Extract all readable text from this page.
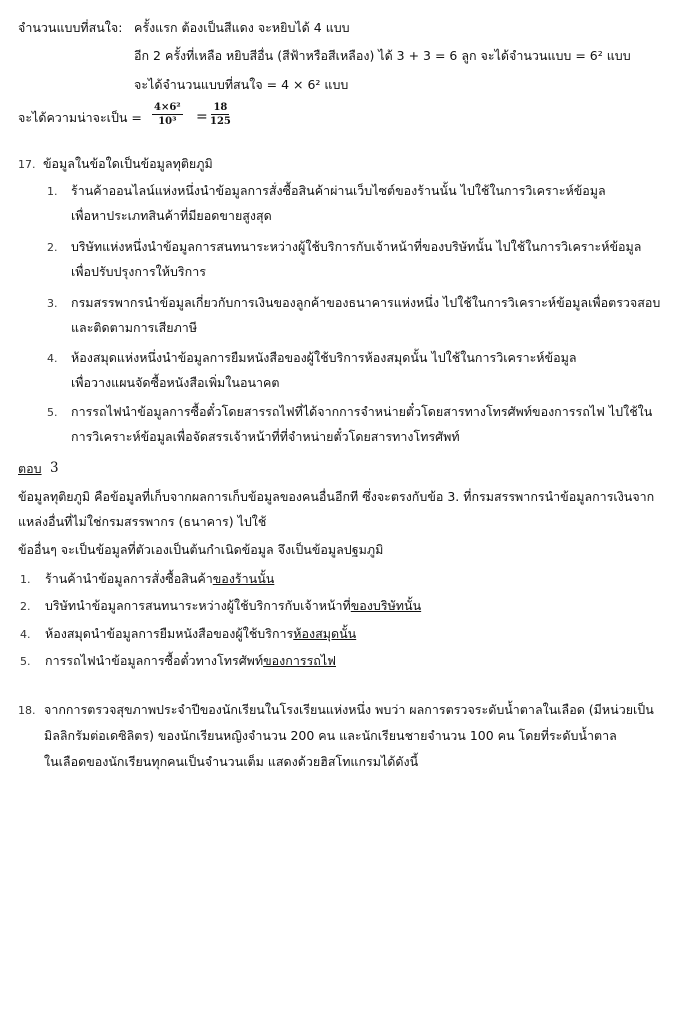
จำนวนแบบที่สนใจ: ครั้งแรก ต้องเป็นสีแดง จะหยิบได้ 4 แบบ
อีก 2 ครั้งที่เหลือ หยิบสีอื่น (สีฟ้าหรือสีเหลือง) ได้ 3 + 3 = 6 ลูก จะได้จำนวนแบบ = 6² แบบ
จะได้จำนวนแบบที่สนใจ = 4 × 6² แบบ
จะได้ความน่าจะเป็น = $\frac{\text{4×6²}}{\text{10³}} = \frac{18}{125}$
17. ข้อมูลในข้อใดเป็นข้อมูลทุติยภูมิ
1. ร้านค้าออนไลน์แห่งหนึ่งนำข้อมูลการสั่งซื้อสินค้าผ่านเว็บไซต์ของร้านนั้น ไปใช้ในการวิเคราะห์ข้อมูล
เพื่อหาประเภทสินค้าที่มียอดขายสูงสุด
2. บริษัทแห่งหนึ่งนำข้อมูลการสนทนาระหว่างผู้ใช้บริการกับเจ้าหน้าที่ของบริษัทนั้น ไปใช้ในการวิเคราะห์ข้อมูล
เพื่อปรับปรุงการให้บริการ
3. กรมสรรพากรนำข้อมูลเกี่ยวกับการเงินของลูกค้าของธนาคารแห่งหนึ่ง ไปใช้ในการวิเคราะห์ข้อมูลเพื่อตรวจสอบ
และติดตามการเสียภาษี
4. ห้องสมุดแห่งหนึ่งนำข้อมูลการยืมหนังสือของผู้ใช้บริการห้องสมุดนั้น ไปใช้ในการวิเคราะห์ข้อมูล
เพื่อวางแผนจัดซื้อหนังสือเพิ่มในอนาคต
5. การรถไฟนำข้อมูลการซื้อตั๋วโดยสารรถไฟที่ได้จากการจำหน่ายตั๋วโดยสารทางโทรศัพท์ของการรถไฟ ไปใช้ใน
การวิเคราะห์ข้อมูลเพื่อจัดสรรเจ้าหน้าที่ที่จำหน่ายตั๋วโดยสารทางโทรศัพท์
ตอบ 3
ข้อมูลทุติยภูมิ คือข้อมูลที่เก็บจากผลการเก็บข้อมูลของคนอื่นอีกที ซึ่งจะตรงกับข้อ 3. ที่กรมสรรพากรนำข้อมูลการเงินจาก
แหล่งอื่นที่ไม่ใช่กรมสรรพากร (ธนาคาร) ไปใช้
ข้ออื่นๆ จะเป็นข้อมูลที่ตัวเองเป็นต้นกำเนิดข้อมูล จึงเป็นข้อมูลปฐมภูมิ
1. ร้านค้านำข้อมูลการสั่งซื้อสินค้าของร้านนั้น
2. บริษัทนำข้อมูลการสนทนาระหว่างผู้ใช้บริการกับเจ้าหน้าที่ของบริษัทนั้น
4. ห้องสมุดนำข้อมูลการยืมหนังสือของผู้ใช้บริการห้องสมุดนั้น
5. การรถไฟนำข้อมูลการซื้อตั๋วทางโทรศัพท์ของการรถไฟ
18. จากการตรวจสุขภาพประจำปีของนักเรียนในโรงเรียนแห่งหนึ่ง พบว่า ผลการตรวจระดับน้ำตาลในเลือด (มีหน่วยเป็น
มิลลิกรัมต่อเดซิลิตร) ของนักเรียนหญิงจำนวน 200 คน และนักเรียนชายจำนวน 100 คน โดยที่ระดับน้ำตาล
ในเลือดของนักเรียนทุกคนเป็นจำนวนเต็ม แสดงด้วยฮิสโทแกรมได้ดังนี้
